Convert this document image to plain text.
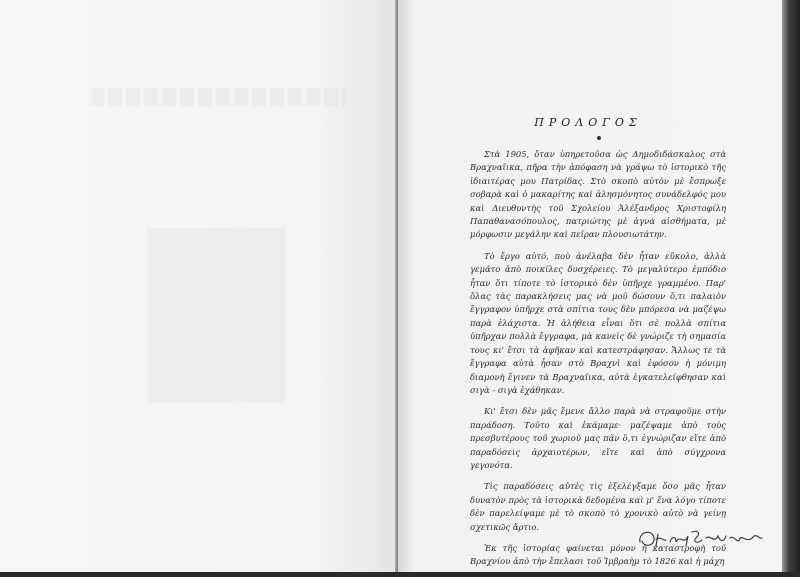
ΠΡΟΛΟΓΟΣ

Στὰ 1905, ὅταν ὑπηρετοῦσα ὡς Δημοδιδάσκαλος στὰ Βραχναῖικα, πῆρα τὴν ἀπόφαση νὰ γράψω τὸ ἱστορικὸ τῆς ἰδιαιτέρας μου Πατρίδας. Στὸ σκοπὸ αὐτὸν μὲ ἔσπρωξε σοβαρὰ καὶ ὁ μακαρίτης καὶ ἀλησμόνητος συνάδελφός μου καὶ Διευθυντὴς τοῦ Σχολείου Ἀλέξανδρος Χριστοφίλη Παπαθανασόπουλος, πατριώτης μὲ ἁγνὰ αἰσθήματα, μὲ μόρφωσιν μεγάλην καὶ πεῖραν πλουσιωτάτην.

Τὸ ἔργο αὐτό, ποὺ ἀνέλαβα δὲν ἦταν εὔκολο, ἀλλὰ γεμᾶτο ἀπὸ ποικίλες δυσχέρειες. Τὸ μεγαλύτερο ἐμπόδιο ἦταν ὅτι τίποτε τὸ ἱστορικὸ δὲν ὑπῆρχε γραμμένο. Παρ' ὅλας τὰς παρακλήσεις μας νὰ μοῦ δώσουν ὅ,τι παλαιὸν ἔγγραφον ὑπῆρχε στὰ σπίτια τους δὲν μπόρεσα νὰ μαζέψω παρὰ ἐλάχιστα. Ἡ ἀλήθεια εἶναι ὅτι σὲ πολλὰ σπίτια ὑπῆρχαν πολλὰ ἔγγραφα, μὰ κανεὶς δὲ γνώριζε τὴ σημασία τους κι' ἔτσι τὰ ἀφῆκαν καὶ κατεστράφησαν. Ἄλλως τε τὰ ἔγγραφα αὐτὰ ἦσαν στὸ Βραχνὶ καὶ ἐφόσον ἡ μόνιμη διαμονὴ ἔγινεν τὰ Βραχναῖικα, αὐτὰ ἐγκατελείφθησαν καὶ σιγὰ - σιγὰ ἐχάθηκαν.

Κι' ἔτσι δὲν μᾶς ἔμενε ἄλλο παρὰ νὰ στραφοῦμε στὴν παράδοση. Τοῦτο καὶ ἐκάμαμε· μαζέψαμε ἀπὸ τοὺς πρεσβυτέρους τοῦ χωριοῦ μας πᾶν ὅ,τι ἐγνώριζαν εἴτε ἀπὸ παραδόσεις ἀρχαιοτέρων, εἴτε καὶ ἀπὸ σύγχρονα γεγονότα.

Τὶς παραδόσεις αὐτὲς τὶς ἐξελέγξαμε ὅσο μᾶς ἦταν δυνατὸν πρὸς τὰ ἱστορικὰ δεδομένα καὶ μ' ἕνα λόγο τίποτε δὲν παρελείψαμε μὲ τὸ σκοπὸ τὸ χρονικὸ αὐτὸ νὰ γείνῃ σχετικῶς ἄρτιο.

Ἐκ τῆς ἱστορίας φαίνεται μόνον ἡ καταστροφὴ τοῦ Βραχνίου ἀπὸ τὴν ἔπελασι τοῦ Ἰμβραὴμ τὸ 1826 καὶ ἡ μάχη
